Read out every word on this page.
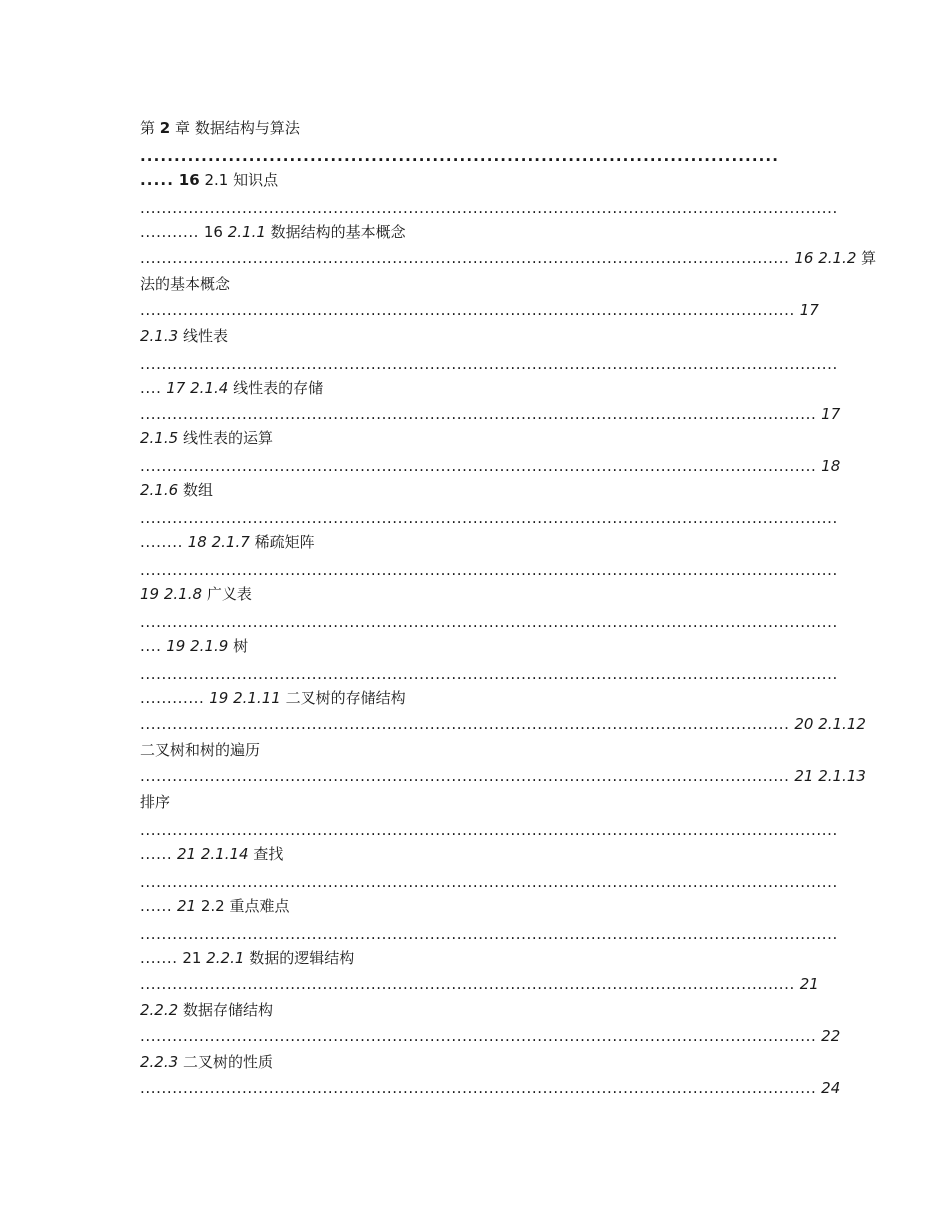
第 2 章 数据结构与算法
..............................................................................................
..... 16 2.1 知识点
..................................................................................................................................
........... 16 2.1.1 数据结构的基本概念
......................................................................................................................... 16 2.1.2 算
法的基本概念
.......................................................................................................................... 17
2.1.3 线性表
..................................................................................................................................
.... 17 2.1.4 线性表的存储
.............................................................................................................................. 17
2.1.5 线性表的运算
.............................................................................................................................. 18
2.1.6 数组
..................................................................................................................................
........ 18 2.1.7 稀疏矩阵
..................................................................................................................................
19 2.1.8 广义表
..................................................................................................................................
.... 19 2.1.9 树
..................................................................................................................................
............ 19 2.1.11 二叉树的存储结构
......................................................................................................................... 20 2.1.12
二叉树和树的遍历
......................................................................................................................... 21 2.1.13
排序
..................................................................................................................................
...... 21 2.1.14 查找
..................................................................................................................................
...... 21 2.2 重点难点
..................................................................................................................................
....... 21 2.2.1 数据的逻辑结构
.......................................................................................................................... 21
2.2.2 数据存储结构
.............................................................................................................................. 22
2.2.3 二叉树的性质
.............................................................................................................................. 24
